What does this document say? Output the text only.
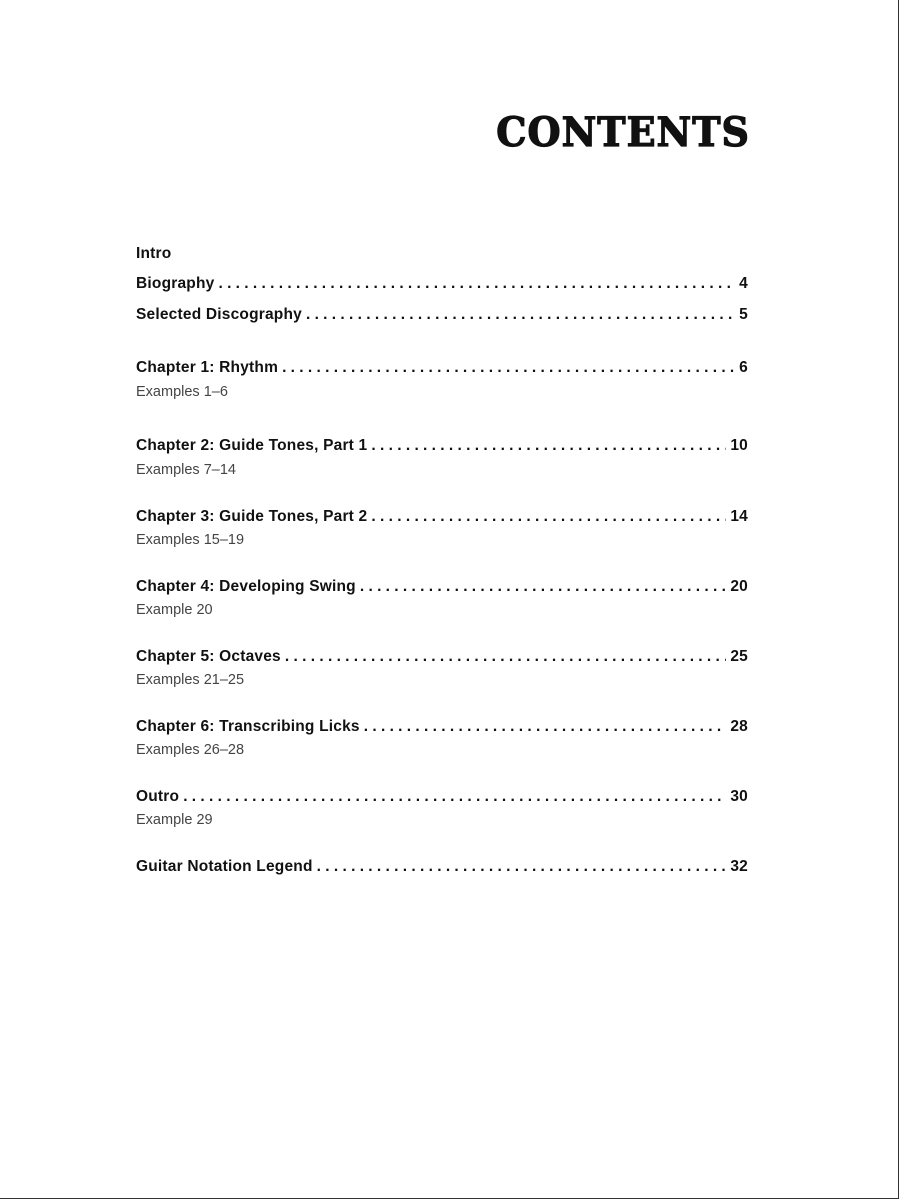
CONTENTS
Intro
Biography . . .	4
Selected Discography . . .	5
Chapter 1: Rhythm . . .	6
Examples 1–6
Chapter 2: Guide Tones, Part 1 . . .	10
Examples 7–14
Chapter 3: Guide Tones, Part 2 . . .	14
Examples 15–19
Chapter 4: Developing Swing . . .	20
Example 20
Chapter 5: Octaves . . .	25
Examples 21–25
Chapter 6: Transcribing Licks . . .	28
Examples 26–28
Outro . . .	30
Example 29
Guitar Notation Legend . . .	32
